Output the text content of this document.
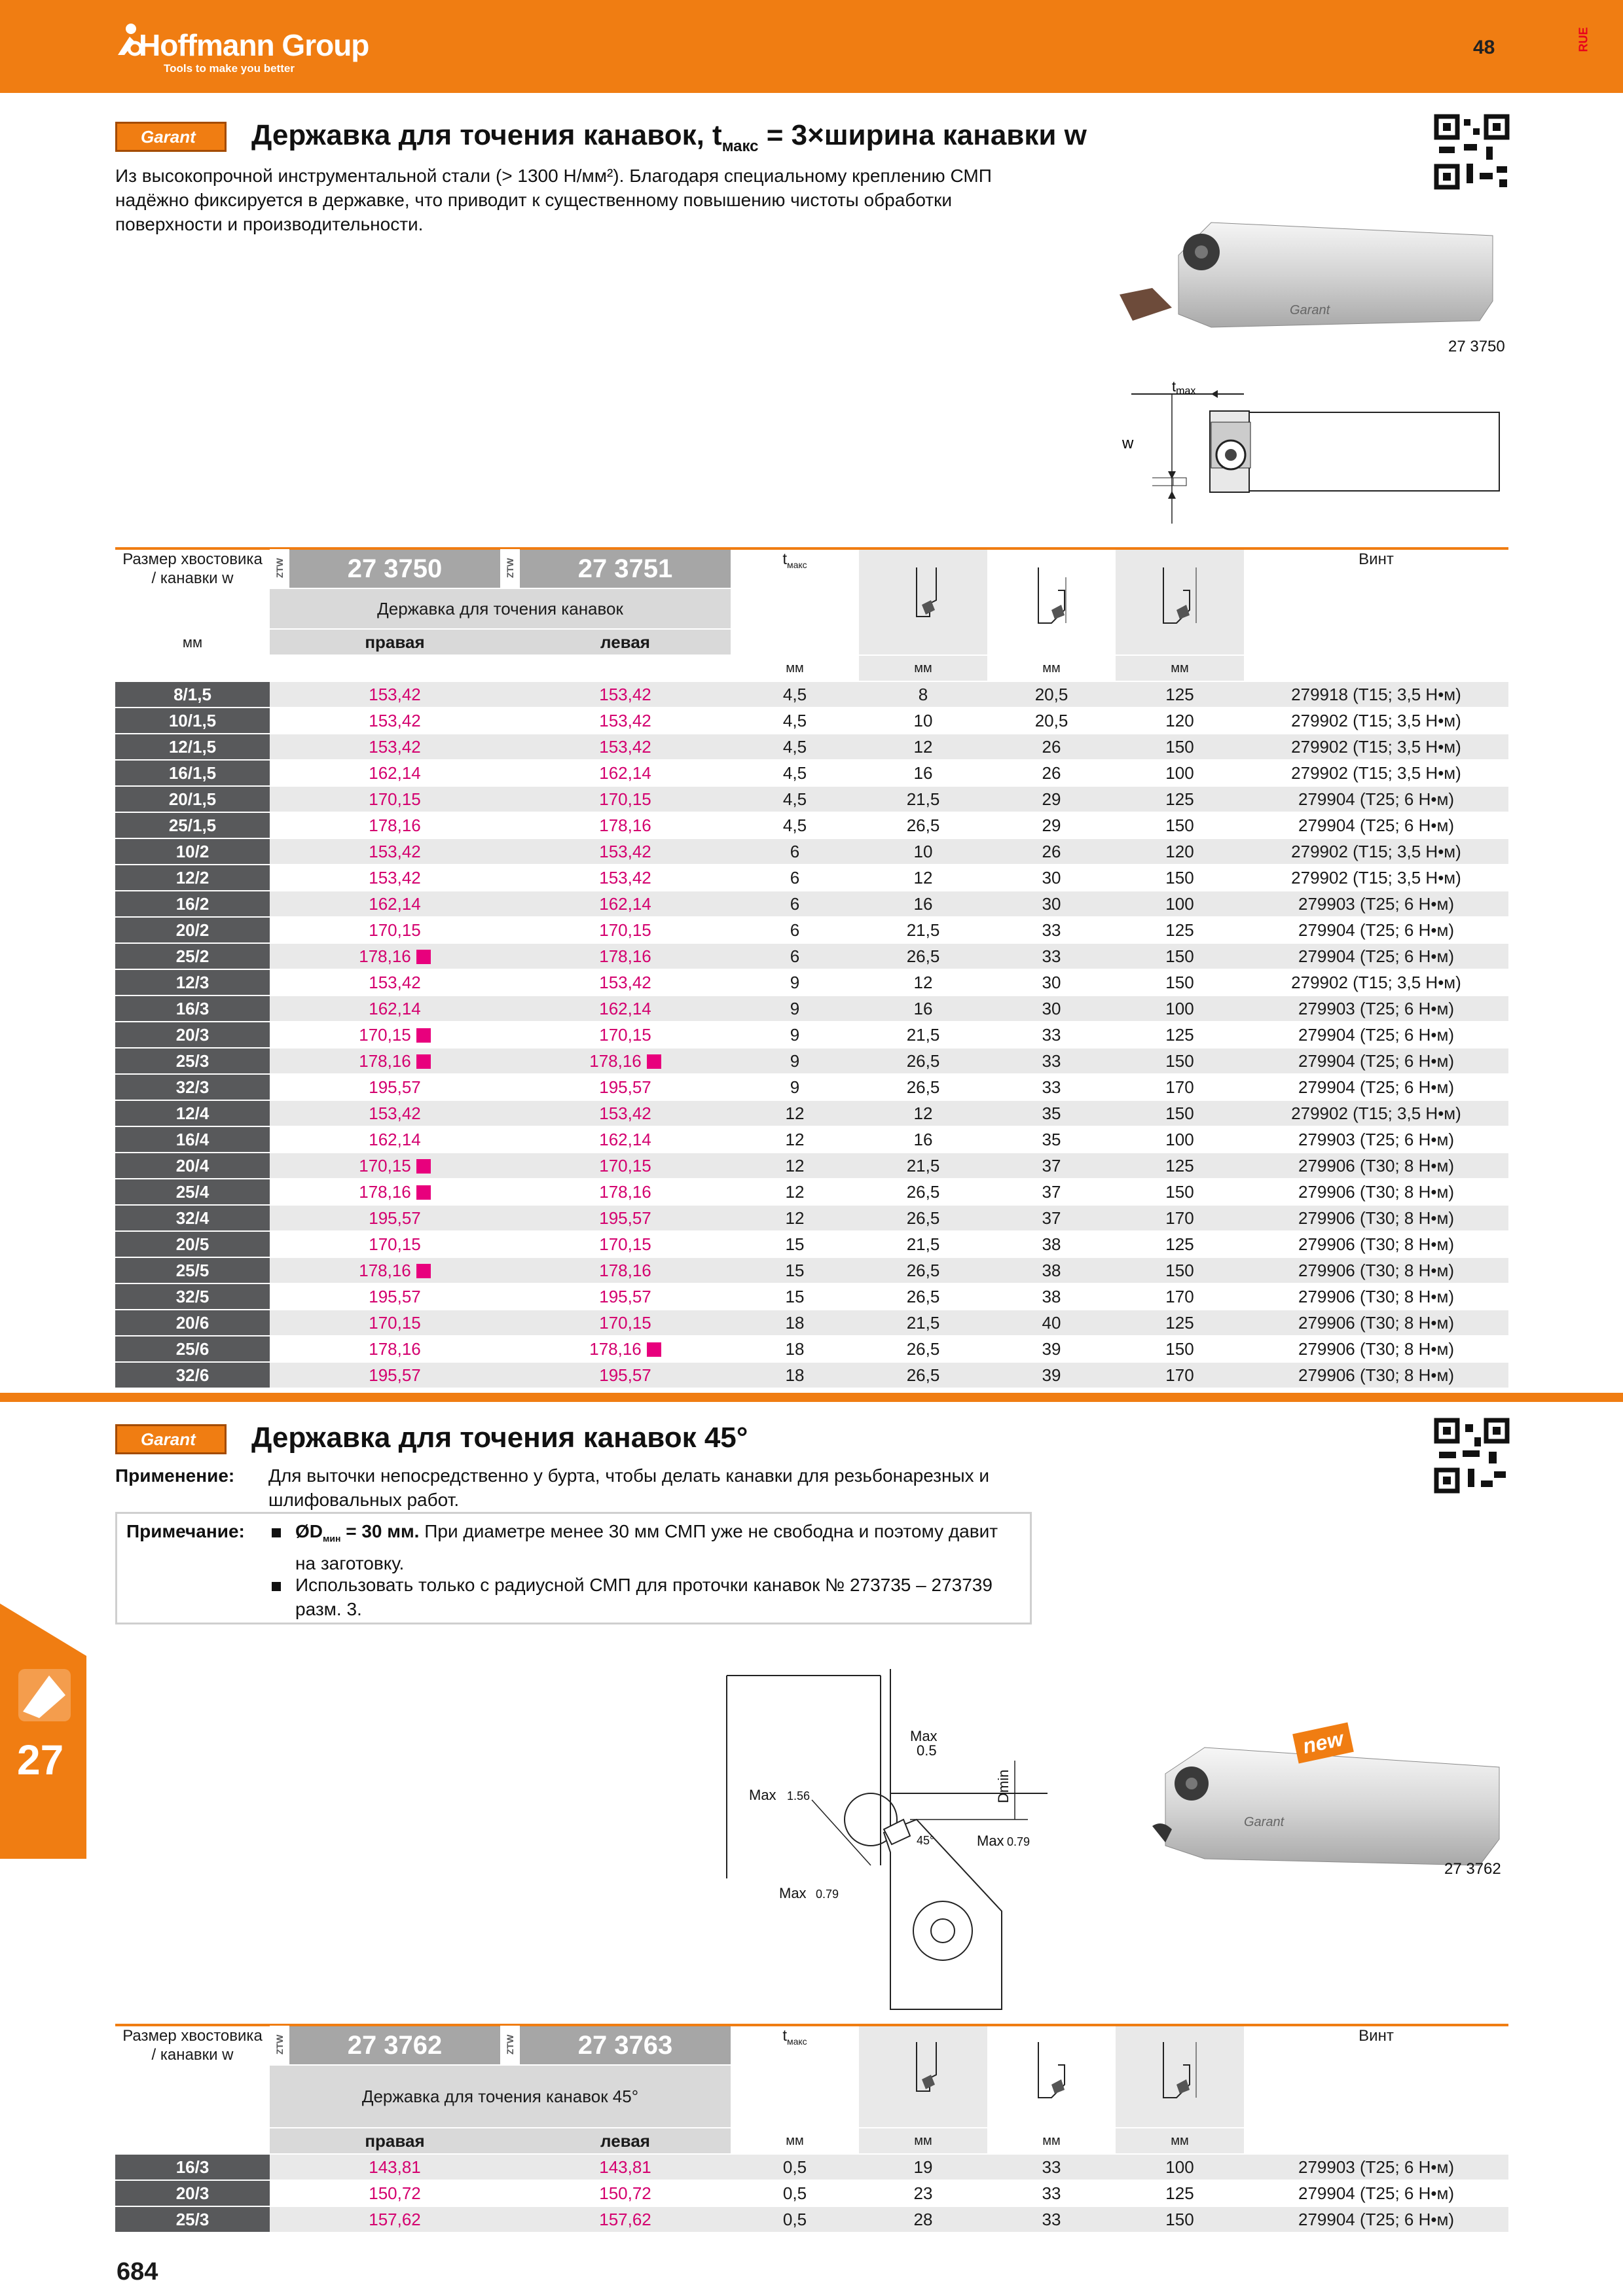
Hoffmann Group
Tools to make you better
48	RUE
Garant	Державка для точения канавок, $t_{макс}$ = 3×ширина канавки w
Из высокопрочной инструментальной стали (> 1300 Н/мм²). Благодаря специальному креплению СМП
надёжно фиксируется в державке, что приводит к существенному повышению чистоты обработки
поверхности и производительности.
Garant
27 3750
tmax
w
Размер хвостовика
/ канавки w	ZTW	27 3750	ZTW	27 3751	$t_{макс}$				Винт
	Державка для точения канавок								
мм		правая		левая					
					мм	мм	мм	мм	
8/1,5		153,42		153,42	4,5	8	20,5	125	279918 (T15; 3,5 Н•м)
10/1,5		153,42		153,42	4,5	10	20,5	120	279902 (T15; 3,5 Н•м)
12/1,5		153,42		153,42	4,5	12	26	150	279902 (T15; 3,5 Н•м)
16/1,5		162,14		162,14	4,5	16	26	100	279902 (T15; 3,5 Н•м)
20/1,5		170,15		170,15	4,5	21,5	29	125	279904 (T25; 6 Н•м)
25/1,5		178,16		178,16	4,5	26,5	29	150	279904 (T25; 6 Н•м)
10/2		153,42		153,42	6	10	26	120	279902 (T15; 3,5 Н•м)
12/2		153,42		153,42	6	12	30	150	279902 (T15; 3,5 Н•м)
16/2		162,14		162,14	6	16	30	100	279903 (T25; 6 Н•м)
20/2		170,15		170,15	6	21,5	33	125	279904 (T25; 6 Н•м)
25/2		178,16		178,16	6	26,5	33	150	279904 (T25; 6 Н•м)
12/3		153,42		153,42	9	12	30	150	279902 (T15; 3,5 Н•м)
16/3		162,14		162,14	9	16	30	100	279903 (T25; 6 Н•м)
20/3		170,15		170,15	9	21,5	33	125	279904 (T25; 6 Н•м)
25/3		178,16		178,16	9	26,5	33	150	279904 (T25; 6 Н•м)
32/3		195,57		195,57	9	26,5	33	170	279904 (T25; 6 Н•м)
12/4		153,42		153,42	12	12	35	150	279902 (T15; 3,5 Н•м)
16/4		162,14		162,14	12	16	35	100	279903 (T25; 6 Н•м)
20/4		170,15		170,15	12	21,5	37	125	279906 (T30; 8 Н•м)
25/4		178,16		178,16	12	26,5	37	150	279906 (T30; 8 Н•м)
32/4		195,57		195,57	12	26,5	37	170	279906 (T30; 8 Н•м)
20/5		170,15		170,15	15	21,5	38	125	279906 (T30; 8 Н•м)
25/5		178,16		178,16	15	26,5	38	150	279906 (T30; 8 Н•м)
32/5		195,57		195,57	15	26,5	38	170	279906 (T30; 8 Н•м)
20/6		170,15		170,15	18	21,5	40	125	279906 (T30; 8 Н•м)
25/6		178,16		178,16	18	26,5	39	150	279906 (T30; 8 Н•м)
32/6		195,57		195,57	18	26,5	39	170	279906 (T30; 8 Н•м)
Garant	Державка для точения канавок 45°
Применение: Для выточки непосредственно у бурта, чтобы делать канавки для резьбонарезных и
шлифовальных работ.
Примечание:	$ØD_{мин} = 30$ мм. При диаметре менее 30 мм СМП уже не свободна и поэтому давит
на заготовку.
Использовать только с радиусной СМП для проточки канавок № 273735 – 273739
разм. 3.
27
Max
0.5
Max 1.56	Dmin
45°	Max 0.79
Max 0.79
Garant
new
27 3762
Размер хвостовика
/ канавки w	ZTW	27 3762	ZTW	27 3763	$t_{макс}$				Винт
	Державка для точения канавок 45°								
		правая		левая	мм	мм	мм	мм	
16/3		143,81		143,81	0,5	19	33	100	279903 (T25; 6 Н•м)
20/3		150,72		150,72	0,5	23	33	125	279904 (T25; 6 Н•м)
25/3		157,62		157,62	0,5	28	33	150	279904 (T25; 6 Н•м)
684
